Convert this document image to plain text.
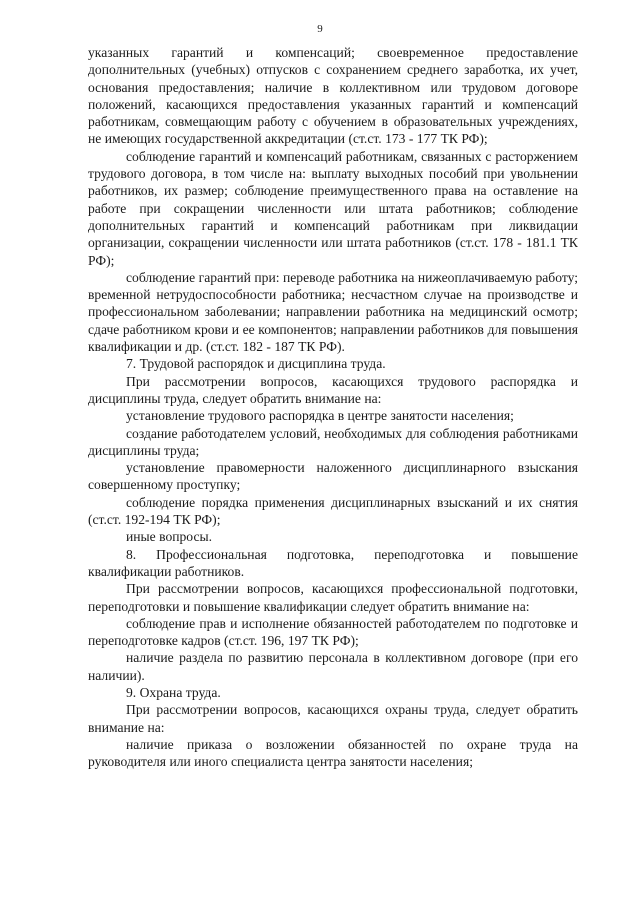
9

указанных гарантий и компенсаций; своевременное предоставление дополнительных (учебных) отпусков с сохранением среднего заработка, их учет, основания предоставления; наличие в коллективном или трудовом договоре положений, касающихся предоставления указанных гарантий и компенсаций работникам, совмещающим работу с обучением в образовательных учреждениях, не имеющих государственной аккредитации (ст.ст. 173 - 177 ТК РФ);

соблюдение гарантий и компенсаций работникам, связанных с расторжением трудового договора, в том числе на: выплату выходных пособий при увольнении работников, их размер; соблюдение преимущественного права на оставление на работе при сокращении численности или штата работников; соблюдение дополнительных гарантий и компенсаций работникам при ликвидации организации, сокращении численности или штата работников (ст.ст. 178 - 181.1 ТК РФ);

соблюдение гарантий при: переводе работника на нижеоплачиваемую работу; временной нетрудоспособности работника; несчастном случае на производстве и профессиональном заболевании; направлении работника на медицинский осмотр; сдаче работником крови и ее компонентов; направлении работников для повышения квалификации и др. (ст.ст. 182 - 187 ТК РФ).

7. Трудовой распорядок и дисциплина труда.

При рассмотрении вопросов, касающихся трудового распорядка и дисциплины труда, следует обратить внимание на:

установление трудового распорядка в центре занятости населения;

создание работодателем условий, необходимых для соблюдения работниками дисциплины труда;

установление правомерности наложенного дисциплинарного взыскания совершенному проступку;

соблюдение порядка применения дисциплинарных взысканий и их снятия (ст.ст. 192-194 ТК РФ);

иные вопросы.

8. Профессиональная подготовка, переподготовка и повышение квалификации работников.

При рассмотрении вопросов, касающихся профессиональной подготовки, переподготовки и повышение квалификации следует обратить внимание на:

соблюдение прав и исполнение обязанностей работодателем по подготовке и переподготовке кадров (ст.ст. 196, 197 ТК РФ);

наличие раздела по развитию персонала в коллективном договоре (при его наличии).

9. Охрана труда.

При рассмотрении вопросов, касающихся охраны труда, следует обратить внимание на:

наличие приказа о возложении обязанностей по охране труда на руководителя или иного специалиста центра занятости населения;
